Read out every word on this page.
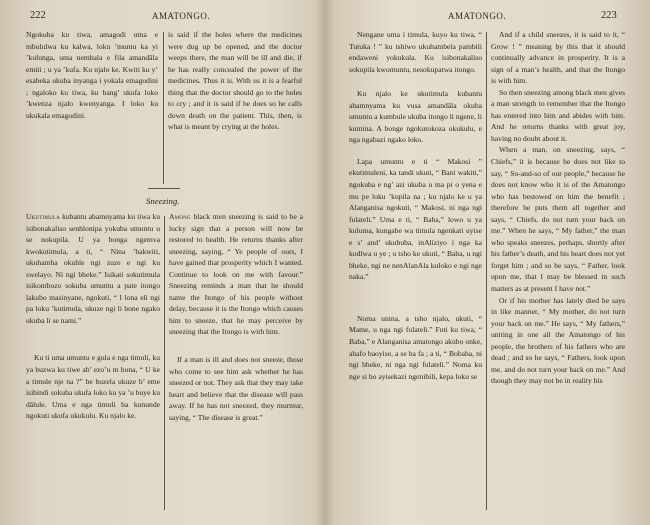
222	AMATONGO.

Ngokuba ku tiwa, amagodi uma e mbululwa ku kalwa, loku ’muntu ka yi ’kulunga, uma nembala e fila amandâla emiti ; u ya ’kufa. Ku njalo ke. Kwiti ku y’ esabeka ukuba inyanga i yokala emagodini ; ngaloko ku tiwa, ku bang’ ukufa loko ’kwenza njalo kwenyanga. I loko ku ukukala emagodini.

is said if the holes where the medicines were dug up be opened, and the doctor weeps there, the man will be ill and die, if he has really concealed the power of the medicines. Thus it is. With us it is a fearful thing that the doctor should go to the holes to cry ; and it is said if he does so he calls down death on the patient. This, then, is what is meant by crying at the holes.

Sneezing.

Ukutimula kubantu abamnyama ku tiwa ku isibonakaliso senhlonipa yokuba umuntu u se nokupila. U ya bonga ngemva kwokutimula, a ti, “ Nina ’bakwiti, ukuhamba okuhle ngi zuze e ngi ku swelayo. Ni ngi bheke.” Isikati sokutimula isikombozo sokuba umuntu a pate itongo lakubo masinyane, ngokuti, “ I lona eli ngi pa loku ’kutimula, ukuze ngi li bone ngako ukuba li se nami.”

Ku ti uma umuntu e gula e nga timuli, ku ya buzwa ku tiwe ab’ ezo’u m bona, “ U ke a timule nje na ?” be buzela ukuze b’ eme isibindi sokuba ukufa loko ku ya ’u buye ku dâlule. Uma e nga timuli ba kununde ngokuti ukufa ukukulu. Ku njalo ke.

Among black men sneezing is said to be a lucky sign that a person will now be restored to health. He returns thanks after sneezing, saying, “ Ye people of ours, I have gained that prosperity which I wanted. Continue to look on me with favour.” Sneezing reminds a man that he should name the Itongo of his people without delay, because it is the Itongo which causes him to sneeze, that he may perceive by sneezing that the Itongo is with him.

If a man is ill and does not sneeze, those who come to see him ask whether he has sneezed or not. They ask that they may take heart and believe that the disease will pass away. If he has not sneezed, they murmur, saying, “ The disease is great.”

AMATONGO.	223

Nengane uma i timula, kuyo ku tiwa, “ Tutuka ! ” ku tshiwo ukuhambela pambili endaweni yokukula. Ku isibonakaliso sokupila kwomuntu, nesokupatwa itongo.

Ku njalo ke ukutimula kubantu abamnyama ku vusa amandâla okuba umuntu a kumbule ukuba itongo li ngene, li kumina. A bonge ngokutokoza okukulu, e nga ngabazi ngako loko.

Lapa umuntu e ti “ Makosi ” ekutimuleni, ka tandi ukuti, “ Bani wakiti,” ngokuba e ng’ azi ukuba u ma pi o yena e mu pe loku ’kupila na ; ku njalo ke u ya Alanganisa ngokuti, “ Makosi, ni nga ngi fulateli.” Uma e ti, “ Baba,” lowo u ya kuluma, kungabe wa timula ngenkati uyise e s’ and’ ukububa, inAlíziyo i nga ka kodlwa u ye ; u tsho ke ukuti, “ Baba, u ngi bheke, ngi ne nenAlanAla kuloko e ngi nge naka.”

Noma unina, a tsho njalo, ukuti, “ Mame, u nga ngi fulateli.” Futi ku tiwa, “ Baba,” e Alanganisa amatongo akubo onke, abafo baoyise, a se ba fa ; a ti, “ Bobaba, ni ngi bheke, ni nga ngi fulateli.” Noma ku nge si bo ayisekazi ngenibili, kepa loku se

And if a child sneezes, it is said to it, “ Grow ! ” meaning by this that it should continually advance in prosperity. It is a sign of a man’s health, and that the Itongo is with him.

So then sneezing among black men gives a man strength to remember that the Itongo has entered into him and abides with him. And he returns thanks with great joy, having no doubt about it.

When a man, on sneezing, says, “ Chiefs,” it is because he does not like to say, “ So-and-so of our people,” because he does not know who it is of the Amatongo who has bestowed on him the benefit ; therefore he puts them all together and says, “ Chiefs, do not turn your back on me.” When he says, “ My father,” the man who speaks sneezes, perhaps, shortly after his father’s death, and his heart does not yet forget him ; and so he says, “ Father, look upon me, that I may be blessed in such matters as at present I have not.”

Or if his mother has lately died he says in like manner, “ My mother, do not turn your back on me.” He says, “ My fathers,” uniting in one all the Amatongo of his people, the brothers of his fathers who are dead ; and so he says, “ Fathers, look upon me, and do not turn your back on me.” And though they may not be in reality his
